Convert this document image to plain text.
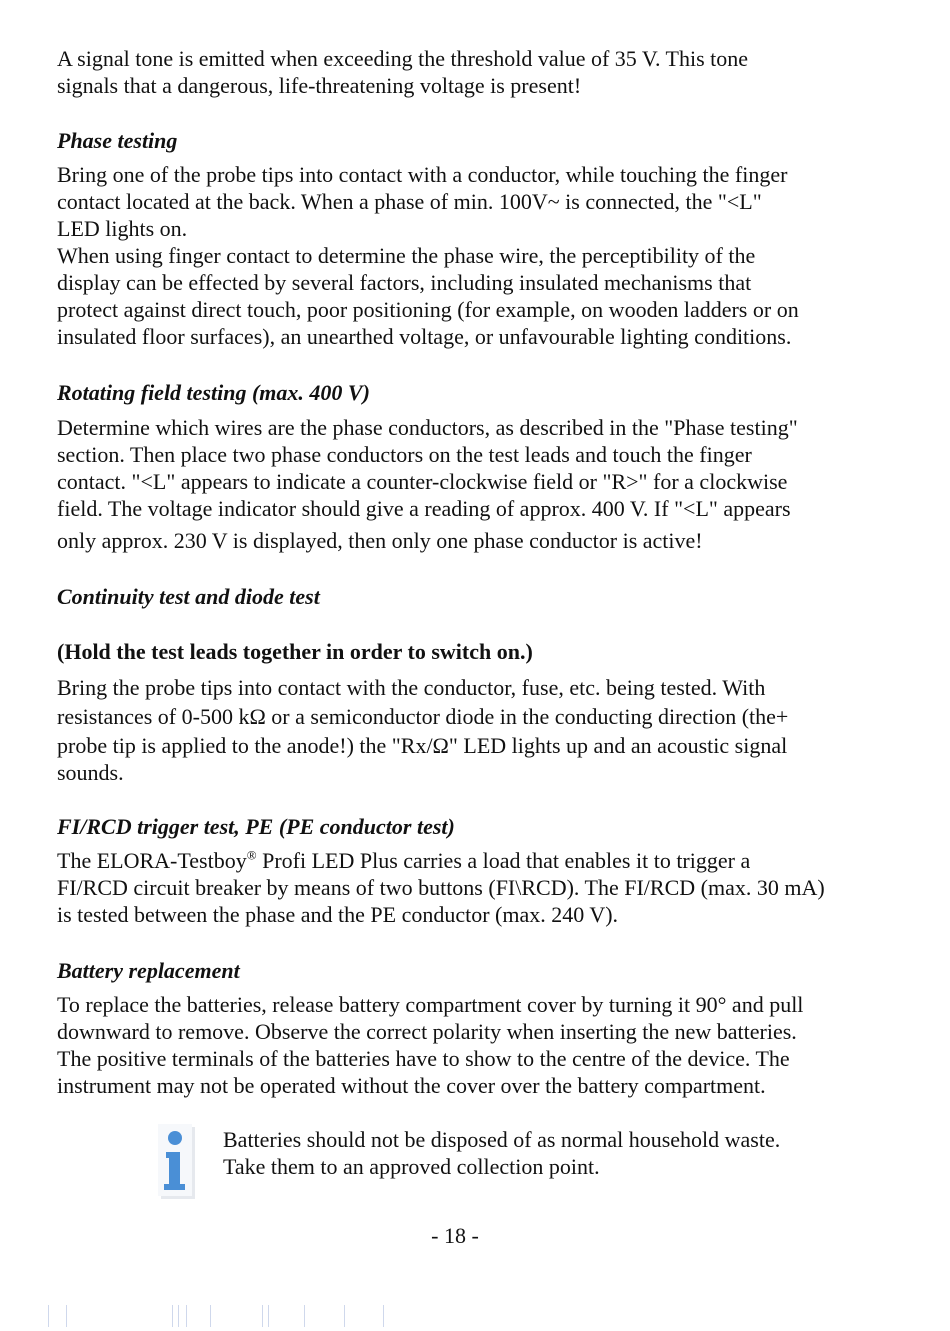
A signal tone is emitted when exceeding the threshold value of 35 V. This tone
signals that a dangerous, life-threatening voltage is present!
Phase testing
Bring one of the probe tips into contact with a conductor, while touching the finger
contact located at the back. When a phase of min. 100V~ is connected, the "<L"
LED lights on.
When using finger contact to determine the phase wire, the perceptibility of the
display can be effected by several factors, including insulated mechanisms that
protect against direct touch, poor positioning (for example, on wooden ladders or on
insulated floor surfaces), an unearthed voltage, or unfavourable lighting conditions.
Rotating field testing (max. 400 V)
Determine which wires are the phase conductors, as described in the "Phase testing"
section. Then place two phase conductors on the test leads and touch the finger
contact. "<L" appears to indicate a counter-clockwise field or "R>" for a clockwise
field. The voltage indicator should give a reading of approx. 400 V. If "<L" appears
only approx. 230 V is displayed, then only one phase conductor is active!
Continuity test and diode test
(Hold the test leads together in order to switch on.)
Bring the probe tips into contact with the conductor, fuse, etc. being tested. With
resistances of 0-500 kΩ or a semiconductor diode in the conducting direction (the+
probe tip is applied to the anode!) the "Rx/Ω" LED lights up and an acoustic signal
sounds.
FI/RCD trigger test, PE (PE conductor test)
The ELORA-Testboy® Profi LED Plus carries a load that enables it to trigger a
FI/RCD circuit breaker by means of two buttons (FI\RCD). The FI/RCD (max. 30 mA)
is tested between the phase and the PE conductor (max. 240 V).
Battery replacement
To replace the batteries, release battery compartment cover by turning it 90° and pull
downward to remove. Observe the correct polarity when inserting the new batteries.
The positive terminals of the batteries have to show to the centre of the device. The
instrument may not be operated without the cover over the battery compartment.
Batteries should not be disposed of as normal household waste.
Take them to an approved collection point.
- 18 -
